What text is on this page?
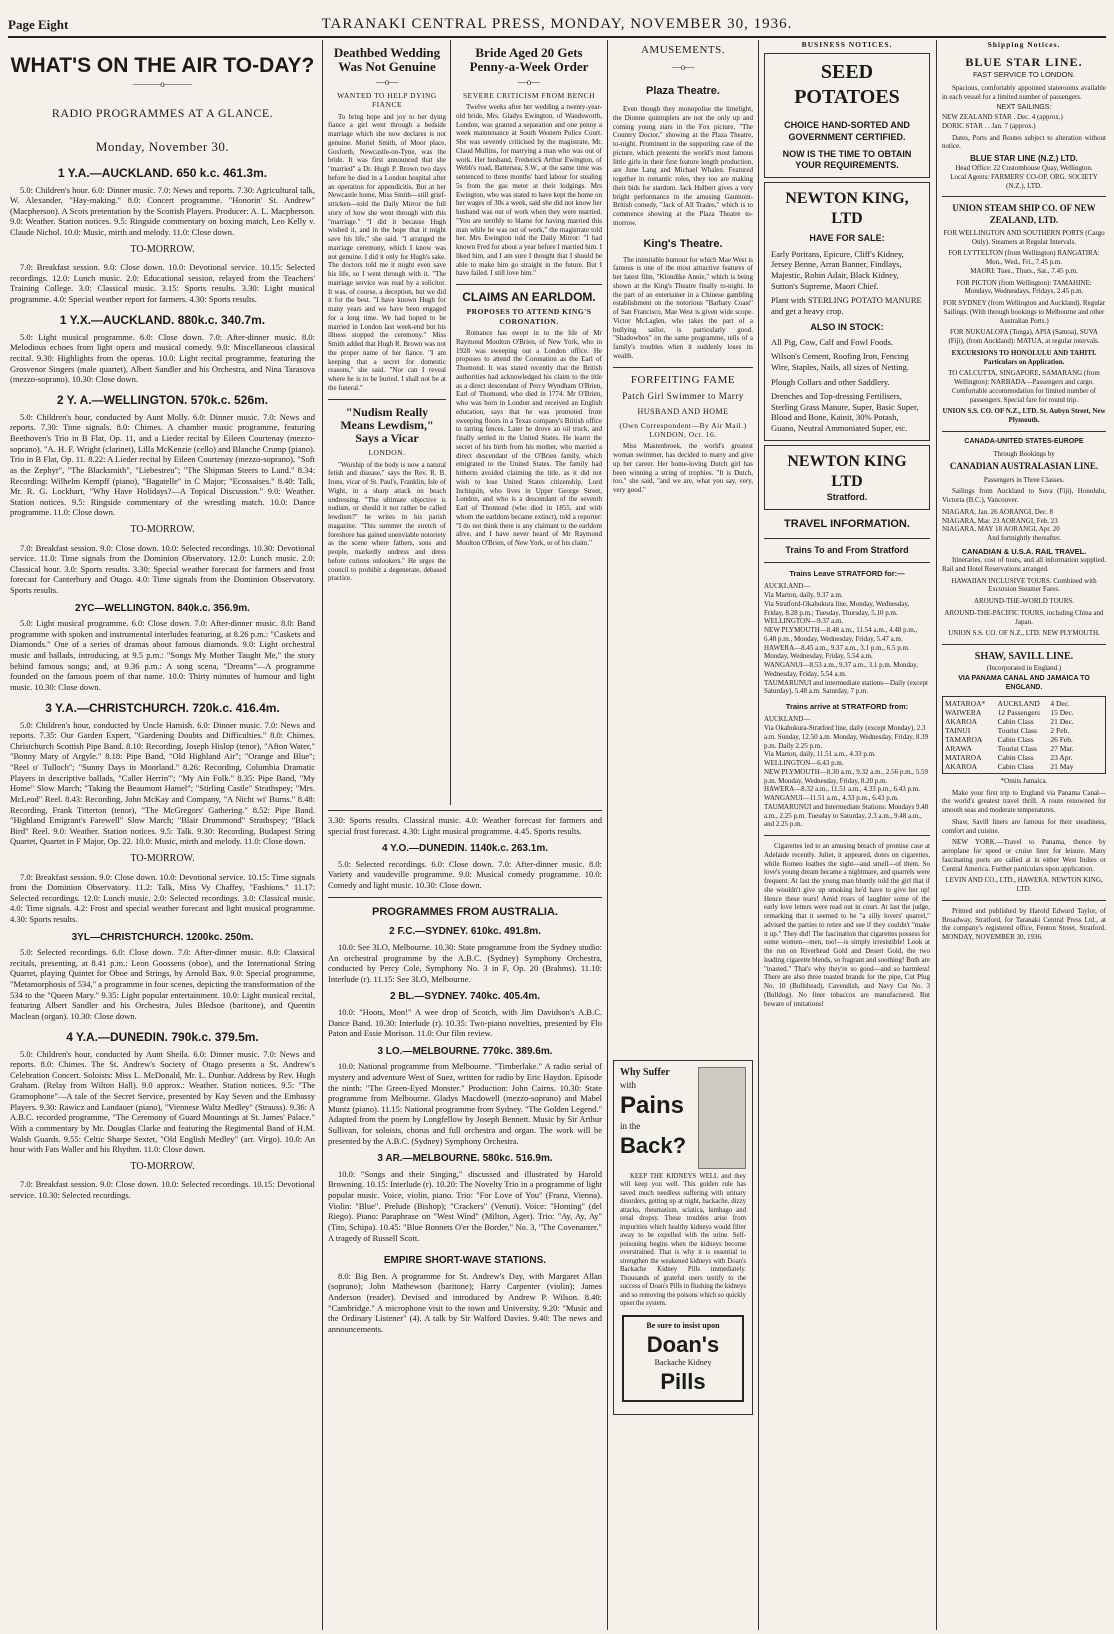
Page Eight	TARANAKI CENTRAL PRESS, MONDAY, NOVEMBER 30, 1936.
WHAT'S ON THE AIR TO-DAY?
———o———
RADIO PROGRAMMES AT A GLANCE.
Monday, November 30.
1 Y.A.—AUCKLAND. 650 k.c. 461.3m.

5.0: Children's hour. 6.0: Dinner music. 7.0: News and reports. 7.30: Agricultural talk, W. Alexander, "Hay-making." 8.0: Concert programme. "Honorin' St. Andrew" (Macpherson). A Scots pretentation by the Scottish Players. Producer: A. L. Macpherson. 9.0: Weather. Station notices. 9.5: Ringside commentary on boxing match, Leo Kelly v. Claude Nichol. 10.0: Music, mirth and melody. 11.0: Close down.

TO-MORROW.

7.0: Breakfast session. 9.0: Close down. 10.0: Devotional service. 10.15: Selected recordings. 12.0: Lunch music. 2.0: Educational session, relayed from the Teachers' Training College. 3.0: Classical music. 3.15: Sports results. 3.30: Light musical programme. 4.0: Special weather report for farmers. 4.30: Sports results.

1 Y.X.—AUCKLAND. 880k.c. 340.7m.

5.0: Light musical programme. 6.0: Close down. 7.0: After-dinner music. 8.0: Melodious echoes from light opera and musical comedy. 9.0: Miscellaneous classical recital. 9.30: Highlights from the operas. 10.0: Light recital programme, featuring the Grosvenor Singers (male quartet), Albert Sandler and his Orchestra, and Nina Tarasova (mezzo-soprano). 10.30: Close down.

2 Y. A.—WELLINGTON. 570k.c. 526m.

5.0: Children's hour, conducted by Aunt Molly. 6.0: Dinner music. 7.0: News and reports. 7.30: Time signals. 8.0: Chimes. A chamber music programme, featuring Beethoven's Trio in B Flat, Op. 11, and a Lieder recital by Eileen Courtenay (mezzo-soprano). "A. H. F. Wright (clarinet), Lilla McKenzie (cello) and Blanche Crump (piano). Trio in B Flat, Op. 11. 8.22: A Lieder recital by Eileen Courtenay (mezzo-soprano), "Soft as the Zephyr", "The Blacksmith", "Liebestreu"; "The Shipman Steers to Land." 8.34: Recording: Wilhelm Kempff (piano), "Bagatelle" in C Major; "Ecossaises." 8.40: Talk, Mr. R. G. Lockhart, "Why Have Holidays?—A Topical Discussion." 9.0: Weather. Station notices. 9.5: Ringside commentary of the wrestling match. 10.0: Dance programme. 11.0: Close down.

TO-MORROW.

7.0: Breakfast session. 9.0: Close down. 10.0: Selected recordings. 10.30: Devotional service. 11.0: Time signals from the Dominion Observatory. 12.0: Lunch music. 2.0: Classical hour. 3.0: Sports results. 3.30: Special weather forecast for farmers and frost forecast for Canterbury and Otago. 4.0: Time signals from the Dominion Observatory. Sports results.

2YC—WELLINGTON. 840k.c. 356.9m.

5.0: Light musical programme. 6.0: Close down. 7.0: After-dinner music. 8.0: Band programme with spoken and instrumental interludes featuring, at 8.26 p.m.: "Caskets and Diamonds." One of a series of dramas about famous diamonds. 9.0: Light orchestral music and ballads, introducing, at 9.5 p.m.: "Songs My Mother Taught Me," the story behind famous songs; and, at 9.36 p.m.: A song scena, "Dreams"—A programme founded on the famous poem of that name. 10.0: Thirty minutes of humour and light music. 10.30: Close down.

3 Y.A.—CHRISTCHURCH. 720k.c. 416.4m.

5.0: Children's hour, conducted by Uncle Hamish. 6.0: Dinner music. 7.0: News and reports. 7.35: Our Garden Expert, "Gardening Doubts and Difficulties." 8.0: Chimes. Christchurch Scottish Pipe Band. 8.10: Recording, Joseph Hislop (tenor), "Afton Water," "Bonny Mary of Argyle." 8.18: Pipe Band, "Old Highland Air"; "Orange and Blue"; "Reel o' Tulloch"; "Sunny Days in Moorland." 8.26: Recording, Columbia Dramatic Players in descriptive ballads, "Caller Herrin'"; "My Ain Folk." 8.35: Pipe Band, "My Home" Slow March; "Taking the Beaumont Hamel"; "Stirling Castle" Strathspey; "Mrs. McLeod" Reel. 8.43: Recording, John McKay and Company, "A Nicht wi' Burns." 8.48: Recording, Frank Titterton (tenor), "The McGregors' Gathering." 8.52: Pipe Band. "Highland Emigrant's Farewell" Slow March; "Blair Drummond" Strathspey; "Black Bird" Reel. 9.0: Weather. Station notices. 9.5: Talk. 9.30: Recording, Budapest String Quartet, Quartet in F Major, Op. 22. 10.0: Music, mirth and melody. 11.0: Close down.

TO-MORROW.

7.0: Breakfast session. 9.0: Close down. 10.0: Devotional service. 10.15: Time signals from the Dominion Observatory. 11.2: Talk, Miss Vy Chaffey, "Fashions." 11.17: Selected recordings. 12.0: Lunch music. 2.0: Selected recordings. 3.0: Classical music. 4.0: Time signals. 4.2: Frost and special weather forecast and light musical programme. 4.30: Sports results.

3YL—CHRISTCHURCH. 1200kc. 250m.

5.0: Selected recordings. 6.0: Close down. 7.0: After-dinner music. 8.0: Classical recitals, presenting, at 8.41 p.m.: Leon Goossens (oboe), and the International String Quartet, playing Quintet for Oboe and Strings, by Arnold Bax. 9.0: Special programme, "Metamorphosis of 534," a programme in four scenes, depicting the transformation of the 534 to the "Queen Mary." 9.35: Light popular entertainment. 10.0: Light musical recital, featuring Albert Sandler and his Orchestra, Jules Bledsoe (baritone), and Quentin Maclean (organ). 10.30: Close down.

4 Y.A.—DUNEDIN. 790k.c. 379.5m.

5.0: Children's hour, conducted by Aunt Sheila. 6.0: Dinner music. 7.0: News and reports. 8.0: Chimes. The St. Andrew's Society of Otago presents a St. Andrew's Celebration Concert. Soloists: Miss L. McDonald, Mr. L. Dunbar. Address by Rev. Hugh Graham. (Relay from Wilton Hall). 9.0 approx.: Weather. Station notices. 9.5: "The Gramophone"—A tale of the Secret Service, presented by Kay Seven and the Embassy Players. 9.30: Rawicz and Landauer (piano), "Viennese Waltz Medley" (Strauss). 9.36: A A.B.C. recorded programme, "The Ceremony of Guard Mountings at St. James' Palace." With a commentary by Mr. Douglas Clarke and featuring the Regimental Band of H.M. Walsh Guards. 9.55: Celtic Sharpe Sextet, "Old English Medley" (arr. Virgo). 10.0: An hour with Fats Waller and his Rhythm. 11.0: Close down.

TO-MORROW.

7.0: Breakfast session. 9.0: Close down. 10.0: Selected recordings. 10.15: Devotional service. 10.30: Selected recordings.

Deathbed Wedding Was Not Genuine
—o—
WANTED TO HELP DYING FIANCE

To bring hope and joy to her dying fiance a girl went through a bedside marriage which she now declares is not genuine. Muriel Smith, of Moor place, Gosforth, Newcastle-on-Tyne, was the bride. It was first announced that she "married" a Dr. Hugh P. Brown two days before he died in a London hospital after an operation for appendicitis. But at her Newcastle home, Miss Smith—still grief-stricken—told the Daily Mirror the full story of how she went through with this "marriage." "I did it because Hugh wished it, and in the hope that it might save his life," she said. "I arranged the marriage ceremony, which I know was not genuine. I did it only for Hugh's sake. The doctors told me it might even save his life, so I went through with it. "The marriage service was read by a solicitor. It was, of course, a deception, but we did it for the best. "I have known Hugh for many years and we have been engaged for a long time. We had hoped to be married in London last week-end but his illness stopped the ceremony." Miss Smith added that Hugh R. Brown was not the proper name of her fiance. "I am keeping that a secret for domestic reasons," she said. "Nor can I reveal where he is to be buried. I shall not be at the funeral."

"Nudism Really Means Lewdism," Says a Vicar
LONDON.

"Worship of the body is now a natural fetish and disease," says the Rev. R. B. Irons, vicar of St. Paul's, Franklin, Isle of Wight, in a sharp attack on beach undressing. "The ultimate objective is nudism, or should it not rather be called lewdism?" he writes in his parish magazine. "This summer the stretch of foreshore has gained unenviable notoriety as the scene where fathers, sons and people, markedly undress and dress before curious onlookers." He urges the council to prohibit a degenerate, debased practice.

Bride Aged 20 Gets Penny-a-Week Order
—o—
SEVERE CRITICISM FROM BENCH

Twelve weeks after her wedding a twenty-year-old bride, Mrs. Gladys Ewington, of Wandsworth, London, was granted a separation and one penny a week maintenance at South Western Police Court. She was severely criticised by the magistrate, Mr. Claud Mullins, for marrying a man who was out of work. Her husband, Frederick Arthur Ewington, of Webb's road, Battersea, S.W., at the same time was sentenced to three months' hard labour for stealing 5s from the gas meter at their lodgings. Mrs Ewington, who was stated to have kept the home on her wages of 30s a week, said she did not know her husband was out of work when they were married. "You are terribly to blame for having married this man while he was out of work," the magistrate told her. Mrs Ewington told the Daily Mirror: "I had known Fred for about a year before I married him. I liked him, and I am sure I thought that I should be able to make him go straight in the future. But I have failed. I still love him."

CLAIMS AN EARLDOM.
PROPOSES TO ATTEND KING'S CORONATION.

Romance has swept in to the life of Mr Raymond Moulton O'Brien, of New York, who in 1928 was sweeping out a London office. He proposes to attend the Coronation as the Earl of Thomond. It was stated recently that the British authorities had acknowledged his claim to the title as a direct descendant of Percy Wyndham O'Brien, Earl of Thomond, who died in 1774. Mr O'Brien, who was born in London and received an English education, says that he was promoted from sweeping floors in a Texas company's British office to tarring fences. Later he drove an oil truck, and finally settled in the United States. He learnt the secret of his birth from his mother, who married a direct descendant of the O'Brien family, which emigrated to the United States. The family had hitherto avoided claiming the title, as it did not wish to lose United States citizenship. Lord Inchiquin, who lives in Upper George Street, London, and who is a descendant of the seventh Earl of Thomond (who died in 1855, and with whom the earldom became extinct), told a reporter: "I do not think there is any claimant to the earldom alive, and I have never heard of Mr Raymond Moulton O'Brien, of New York, or of his claim."

3.30: Sports results. Classical music. 4.0: Weather forecast for farmers and special frost forecast. 4.30: Light musical programme. 4.45. Sports results.

4 Y.O.—DUNEDIN. 1140k.c. 263.1m.

5.0: Selected recordings. 6.0: Close down. 7.0: After-dinner music. 8.0: Variety and vaudeville programme. 9.0: Musical comedy programme. 10.0: Comedy and light music. 10.30: Close down.

PROGRAMMES FROM AUSTRALIA.
2 F.C.—SYDNEY. 610kc. 491.8m.

10.0: See 3LO, Melbourne. 10.30: State programme from the Sydney studio: An orchestral programme by the A.B.C. (Sydney) Symphony Orchestra, conducted by Percy Cole, Symphony No. 3 in F, Op. 20 (Brahms). 11.10: Interlude (r). 11.15: See 3LO, Melbourne.

2 BL.—SYDNEY. 740kc. 405.4m.

10.0: "Hoots, Mon!" A wee drop of Scotch, with Jim Davidson's A.B.C. Dance Band. 10.30: Interlude (r). 10.35: Two-piano novelties, presented by Flo Paton and Essie Morison. 11.0: Our film review.

3 LO.—MELBOURNE. 770kc. 389.6m.

10.0: National programme from Melbourne. "Timberlake." A radio serial of mystery and adventure West of Suez, written for radio by Eric Haydon. Episode the ninth: "The Green-Eyed Monster." Production: John Cairns. 10.30: State programme from Melbourne. Gladys Macdowell (mezzo-soprano) and Mabel Muntz (piano). 11.15: National programme from Sydney. "The Golden Legend." Adapted from the poem by Longfellow by Joseph Bennett. Music by Sir Arthur Sullivan, for soloists, chorus and full orchestra and organ. The work will be presented by the A.B.C. (Sydney) Symphony Orchestra.

3 AR.—MELBOURNE. 580kc. 516.9m.

10.0: "Songs and their Singing," discussed and illustrated by Harold Browning. 10.15: Interlude (r). 10.20: The Novelty Trio in a programme of light popular music. Voice, violin, piano. Trio: "For Love of You" (Franz, Vienna). Violin: "Blue". Prelude (Bishop); "Crackers" (Venuti). Voice: "Homing" (del Riego). Piano: Paraphrase on "West Wind" (Milton, Ager). Trio: "Ay, Ay, Ay" (Tito, Schipa). 10.45: "Blue Bonnets O'er the Border," No. 3, "The Covenanter." A tragedy of Russell Scott.

EMPIRE SHORT-WAVE STATIONS.

8.0: Big Ben. A programme for St. Andrew's Day, with Margaret Allan (soprano); John Mathewson (baritone); Harry Carpenter (violin); James Anderson (reader). Devised and introduced by Andrew P. Wilson. 8.40: "Cambridge." A microphone visit to the town and University. 9.20: "Music and the Ordinary Listener" (4). A talk by Sir Walford Davies. 9.40: The news and announcements.

AMUSEMENTS.
—o—
Plaza Theatre.

Even though they monopolise the limelight, the Dionne quintuplets are not the only up and coming young stars in the Fox picture, "The Country Doctor," showing at the Plaza Theatre, to-night. Prominent in the supporting case of the picture, which presents the world's most famous little girls in their first feature length production, are June Lang and Michael Whalen. Featured together in romantic roles, they too are making their bids for stardom. Jack Hulbert gives a very bright performance in the amusing Gaumont-British comedy, "Jack of All Trades," which is to commence showing at the Plaza Theatre to-morrow.

King's Theatre.

The inimitable humour for which Mae West is famous is one of the most attractive features of her latest film, "Klondike Annie," which is being shown at the King's Theatre finally to-night. In the part of an entertainer in a Chinese gambling establishment on the notorious "Barbary Coast" of San Francisco, Mae West is given wide scope. Victor McLaglen, who takes the part of a bullying sailor, is particularly good. "Shadowbox" on the same programme, tells of a family's troubles when it suddenly loses its wealth.

FORFEITING FAME
Patch Girl Swimmer to Marry
HUSBAND AND HOME
(Own Correspondent—By Air Mail.) LONDON, Oct. 16.

Miss Mastenbroek, the world's greatest woman swimmer, has decided to marry and give up her career. Her home-loving Dutch girl has been winning a string of trophies. "It is Dutch, too," she said, "and we are, what you say, very, very good."

Why Suffer
with
Pains
in the
Back?

KEEP THE KIDNEYS WELL and they will keep you well. This golden rule has saved much needless suffering with urinary disorders, getting up at night, backache, dizzy attacks, rheumatism, sciatica, lumbago and renal dropsy. These troubles arise from impurities which healthy kidneys would filter away to be expelled with the urine. Self-poisoning begins when the kidneys become overstrained. That is why it is essential to strengthen the weakened kidneys with Doan's Backache Kidney Pills immediately. Thousands of grateful users testify to the success of Doan's Pills in flushing the kidneys and so removing the poisons which so quickly upset the system.

Be sure to insist upon
Doan's
Backache Kidney
Pills
BUSINESS NOTICES.
SEED POTATOES
CHOICE HAND-SORTED AND GOVERNMENT CERTIFIED.
NOW IS THE TIME TO OBTAIN YOUR REQUIREMENTS.
NEWTON KING, LTD
HAVE FOR SALE:
Early Poritans, Epicure, Cliff's Kidney, Jersey Benne, Arran Banner, Findlays, Majestic, Robin Adair, Black Kidney, Sutton's Supreme, Maori Chief.
Plant with STERLING POTATO MANURE and get a heavy crop.
ALSO IN STOCK:
All Pig, Cow, Calf and Fowl Foods.
Wilson's Cement, Roofing Iron, Fencing Wire, Staples, Nails, all sizes of Netting.
Plough Collars and other Saddlery.
Drenches and Top-dressing Fertilisers, Sterling Grass Manure, Super, Basic Super, Blood and Bone, Kainit, 30% Potash, Guano, Neutral Ammoniated Super, etc.
NEWTON KING LTD
Stratford.
TRAVEL INFORMATION.
Trains To and From Stratford
Trains Leave STRATFORD for:—
AUCKLAND—
Via Marton, daily, 9.37 a.m.
Via Stratford-Okahukura line, Monday, Wednesday, Friday, 8.28 p.m.; Tuesday, Thursday, 5.10 p.m.
WELLINGTON—9.37 a.m.
NEW PLYMOUTH—8.48 a.m., 11.54 a.m., 4.48 p.m., 6.48 p.m., Monday, Wednesday, Friday, 5.47 a.m.
HAWERA—8.45 a.m., 9.37 a.m., 3.1 p.m., 6.5 p.m. Monday, Wednesday, Friday, 5.54 a.m.
WANGANUI—8.53 a.m., 9.37 a.m., 3.1 p.m. Monday, Wednesday, Friday, 5.54 a.m.
TAUMARUNUI and intermediate stations—Daily (except Saturday), 5.48 a.m. Saturday, 7 p.m.
Trains arrive at STRATFORD from:
AUCKLAND—
Via Okahukura-Stratford line, daily (except Monday), 2.3 a.m. Sunday, 12.50 a.m. Monday, Wednesday, Friday, 8.39 p.m. Daily 2.25 p.m.
Via Marton, daily, 11.51 a.m., 4.33 p.m.
WELLINGTON—6.43 p.m.
NEW PLYMOUTH—8.30 a.m., 9.32 a.m., 2.56 p.m., 5.59 p.m. Monday, Wednesday, Friday, 8.20 p.m.
HAWERA—8.32 a.m., 11.51 a.m., 4.33 p.m., 6.43 p.m.
WANGANUI—11.51 a.m., 4.33 p.m., 6.43 p.m.
TAUMARUNUI and Intermediate Stations: Mondays 9.48 a.m., 2.25 p.m. Tuesday to Saturday, 2.3 a.m., 9.48 a.m., and 2.25 p.m.

Cigarettes led to an amusing breach of promise case at Adelaide recently. Juliet, it appeared, dotes on cigarettes, while Romeo loathes the sight—and smell—of them. So love's young dream became a nightmare, and quarrels were frequent. At last the young man bluntly told the girl that if she wouldn't give up smoking he'd have to give her up! Hence these tears! Amid roars of laughter some of the early love letters were read out in court. At last the judge, remarking that it seemed to be "a silly lovers' quarrel," advised the parties to retire and see if they couldn't "make it up." They did! The fascination that cigarettes possess for some women—men, too!—is simply irresistible! Look at the run on Riverhead Gold and Desert Gold, the two leading cigarette blends, so fragrant and soothing! Both are "toasted." That's why they're so good—and so harmless! There are also three toasted brands for the pipe, Cut Plug No. 10 (Bullshead), Cavendish, and Navy Cut No. 3 (Bulldog). No finer tobaccos are manufactured. But beware of imitations!

Shipping Notices.
BLUE STAR LINE.
FAST SERVICE TO LONDON.

Spacious, comfortably appointed staterooms available in each vessel for a limited number of passengers.

NEXT SAILINGS:
NEW ZEALAND STAR . Dec. 4 (approx.)
DORIC STAR . . Jan. 7 (approx.)

Dates, Ports and Routes subject to alteration without notice.

BLUE STAR LINE (N.Z.) LTD.
Head Office: 22 Customhouse Quay, Wellington.
Local Agents: FARMERS' CO-OP. ORG. SOCIETY (N.Z.), LTD.
UNION STEAM SHIP CO. OF NEW ZEALAND, LTD.
FOR WELLINGTON AND SOUTHERN PORTS (Cargo Only). Steamers at Regular Intervals.
FOR LYTTELTON (from Wellington) RANGATIRA: Mon., Wed., Fri., 7.45 p.m.
MAORI: Tues., Thurs., Sat., 7.45 p.m.
FOR PICTON (from Wellington): TAMAHINE: Mondays, Wednesdays, Fridays, 2.45 p.m.
FOR SYDNEY (from Wellington and Auckland). Regular Sailings. (With through bookings to Melbourne and other Australian Ports.)
FOR NUKUALOFA (Tonga), APIA (Samoa), SUVA (Fiji), (from Auckland): MATUA, at regular intervals.
EXCURSIONS TO HONOLULU AND TAHITI. Particulars on Application.
TO CALCUTTA, SINGAPORE, SAMARANG (from Wellington): NARBADA—Passengers and cargo. Comfortable accommodation for limited number of passengers. Special fare for round trip.
UNION S.S. CO. OF N.Z., LTD. St. Aubyn Street, New Plymouth.
CANADA-UNITED STATES-EUROPE
Through Bookings by
CANADIAN AUSTRALASIAN LINE.
Passengers in Three Classes.

Sailings from Auckland to Suva (Fiji), Honolulu, Victoria (B.C.), Vancouver.

NIAGARA, Jan. 26 AORANGI, Dec. 8
NIAGARA, Mar. 23 AORANGI, Feb. 23
NIAGARA, MAY 18 AORANGI, Apr. 20
And fortnightly thereafter.
CANADIAN & U.S.A. RAIL TRAVEL.

Itineraries, cost of tours, and all information supplied. Rail and Hotel Reservations arranged.

HAWAIIAN INCLUSIVE TOURS. Combined with Excursion Steamer Fares.
AROUND-THE-WORLD TOURS.
AROUND-THE-PACIFIC TOURS, including China and Japan.
UNION S.S. CO. OF N.Z., LTD. NEW PLYMOUTH.
SHAW, SAVILL LINE.
(Incorporated in England.)
VIA PANAMA CANAL AND JAMAICA TO ENGLAND.
MATAROA*	AUCKLAND	4 Dec.
WAIWERA	12 Passengers	15 Dec.
AKAROA	Cabin Class	21 Dec.
TAINUI	Tourist Class	2 Feb.
TAMAROA	Cabin Class	26 Feb.
ARAWA	Tourist Class	27 Mar.
MATAROA	Cabin Class	23 Apr.
AKAROA	Cabin Class	21 May
*Omits Jamaica.

Make your first trip to England via Panama Canal—the world's greatest travel thrill. A route renowned for smooth seas and moderate temperatures.

Shaw, Savill liners are famous for their steadiness, comfort and cuisine.

NEW YORK.—Travel to Panama, thence by aeroplane for speed or cruise liner for leisure. Many fascinating ports are called at in either West Indies or Central America. Further particulars upon application.

LEVIN AND CO., LTD., HAWERA. NEWTON KING, LTD.

Printed and published by Harold Edward Taylor, of Broadway, Stratford, for Taranaki Central Press Ltd., at the company's registered office, Fenton Street, Stratford. MONDAY, NOVEMBER 30, 1936.
